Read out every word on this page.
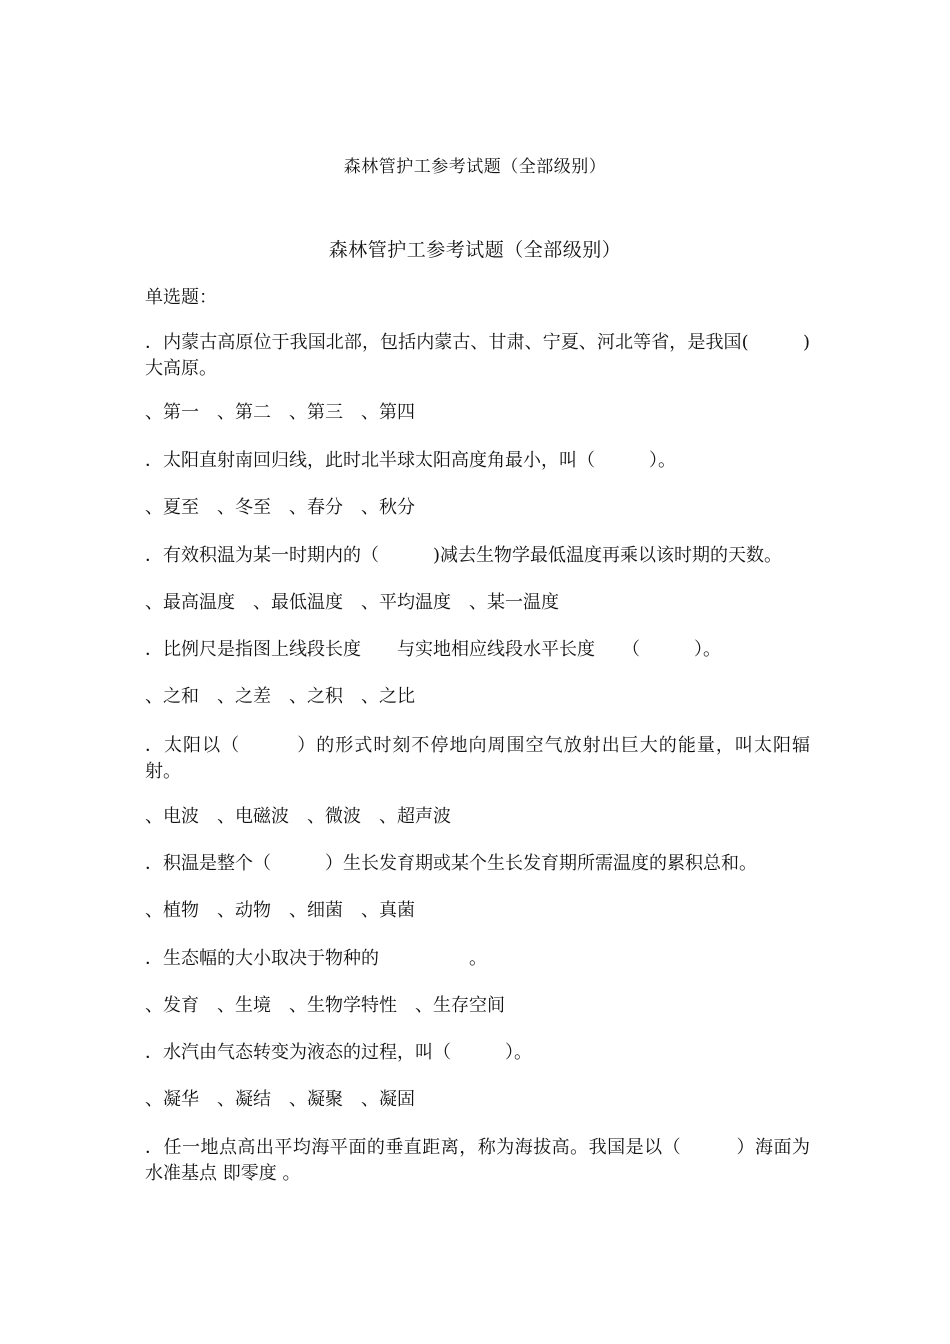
森林管护工参考试题（全部级别）
森林管护工参考试题（全部级别）
单选题：
．内蒙古高原位于我国北部，包括内蒙古、甘肃、宁夏、河北等省，是我国(　　　)大高原。
、第一　、第二　、第三　、第四
．太阳直射南回归线，此时北半球太阳高度角最小，叫（　　　）。
、夏至　、冬至　、春分　、秋分
．有效积温为某一时期内的（　　　)减去生物学最低温度再乘以该时期的天数。
、最高温度　、最低温度　、平均温度　、某一温度
．比例尺是指图上线段长度　　与实地相应线段水平长度　　（　　　）。
、之和　、之差　、之积　、之比
．太阳以（　　　）的形式时刻不停地向周围空气放射出巨大的能量，叫太阳辐射。
、电波　、电磁波　、微波　、超声波
．积温是整个（　　　）生长发育期或某个生长发育期所需温度的累积总和。
、植物　、动物　、细菌　、真菌
．生态幅的大小取决于物种的　　　　　。
、发育　、生境　、生物学特性　、生存空间
．水汽由气态转变为液态的过程，叫（　　　）。
、凝华　、凝结　、凝聚　、凝固
．任一地点高出平均海平面的垂直距离，称为海拔高。我国是以（　　　）海面为水准基点 即零度 。
